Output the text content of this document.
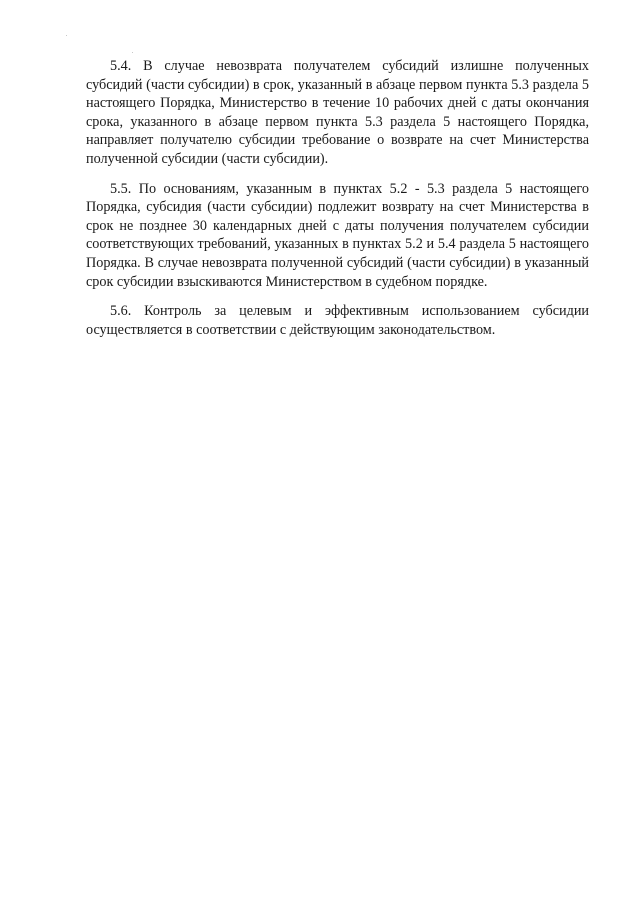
5.4. В случае невозврата получателем субсидий излишне полученных субсидий (части субсидии) в срок, указанный в абзаце первом пункта 5.3 раздела 5 настоящего Порядка, Министерство в течение 10 рабочих дней с даты окончания срока, указанного в абзаце первом пункта 5.3 раздела 5 настоящего Порядка, направляет получателю субсидии требование о возврате на счет Министерства полученной субсидии (части субсидии).

5.5. По основаниям, указанным в пунктах 5.2 - 5.3 раздела 5 настоящего Порядка, субсидия (части субсидии) подлежит возврату на счет Министерства в срок не позднее 30 календарных дней с даты получения получателем субсидии соответствующих требований, указанных в пунктах 5.2 и 5.4 раздела 5 настоящего Порядка. В случае невозврата полученной субсидий (части субсидии) в указанный срок субсидии взыскиваются Министерством в судебном порядке.

5.6. Контроль за целевым и эффективным использованием субсидии осуществляется в соответствии с действующим законодательством.
